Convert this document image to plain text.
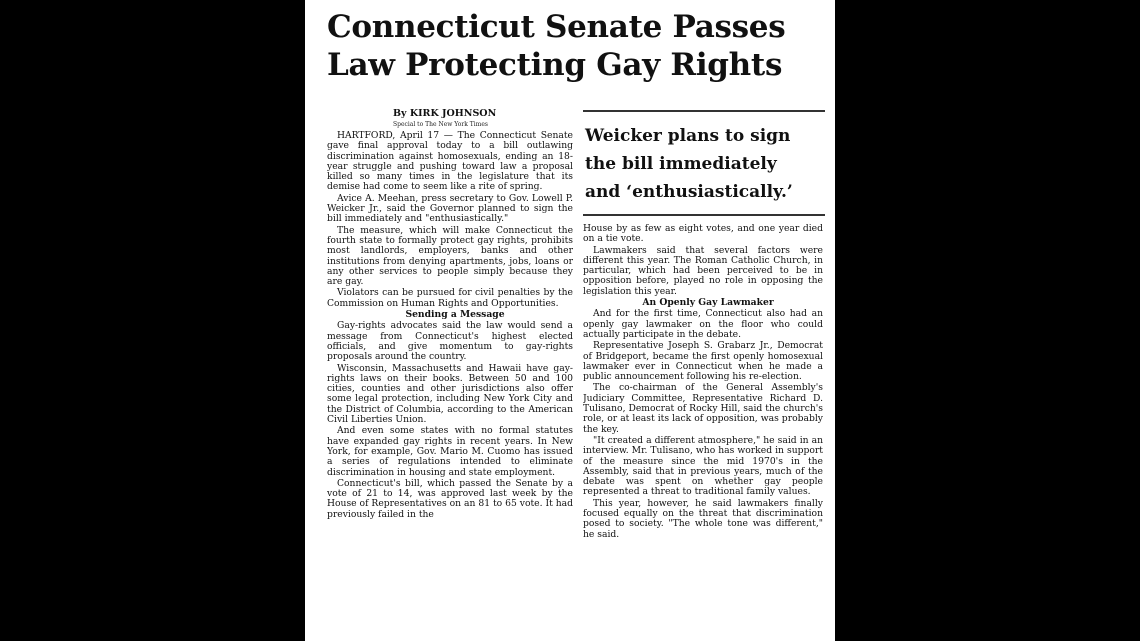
Connecticut Senate Passes
Law Protecting Gay Rights
By KIRK JOHNSON
Special to The New York Times

HARTFORD, April 17 — The Connecticut Senate gave final approval today to a bill outlawing discrimination against homosexuals, ending an 18-year struggle and pushing toward law a proposal killed so many times in the legislature that its demise had come to seem like a rite of spring.

Avice A. Meehan, press secretary to Gov. Lowell P. Weicker Jr., said the Governor planned to sign the bill immediately and "enthusiastically."

The measure, which will make Connecticut the fourth state to formally protect gay rights, prohibits most landlords, employers, banks and other institutions from denying apartments, jobs, loans or any other services to people simply because they are gay.

Violators can be pursued for civil penalties by the Commission on Human Rights and Opportunities.

Sending a Message

Gay-rights advocates said the law would send a message from Connecticut's highest elected officials, and give momentum to gay-rights proposals around the country.

Wisconsin, Massachusetts and Hawaii have gay-rights laws on their books. Between 50 and 100 cities, counties and other jurisdictions also offer some legal protection, including New York City and the District of Columbia, according to the American Civil Liberties Union.

And even some states with no formal statutes have expanded gay rights in recent years. In New York, for example, Gov. Mario M. Cuomo has issued a series of regulations intended to eliminate discrimination in housing and state employment.

Connecticut's bill, which passed the Senate by a vote of 21 to 14, was approved last week by the House of Representatives on an 81 to 65 vote. It had previously failed in the

Weicker plans to sign
the bill immediately
and ‘enthusiastically.’

House by as few as eight votes, and one year died on a tie vote.

Lawmakers said that several factors were different this year. The Roman Catholic Church, in particular, which had been perceived to be in opposition before, played no role in opposing the legislation this year.

An Openly Gay Lawmaker

And for the first time, Connecticut also had an openly gay lawmaker on the floor who could actually participate in the debate.

Representative Joseph S. Grabarz Jr., Democrat of Bridgeport, became the first openly homosexual lawmaker ever in Connecticut when he made a public announcement following his re-election.

The co-chairman of the General Assembly's Judiciary Committee, Representative Richard D. Tulisano, Democrat of Rocky Hill, said the church's role, or at least its lack of opposition, was probably the key.

"It created a different atmosphere," he said in an interview. Mr. Tulisano, who has worked in support of the measure since the mid 1970's in the Assembly, said that in previous years, much of the debate was spent on whether gay people represented a threat to traditional family values.

This year, however, he said lawmakers finally focused equally on the threat that discrimination posed to society. "The whole tone was different," he said.
